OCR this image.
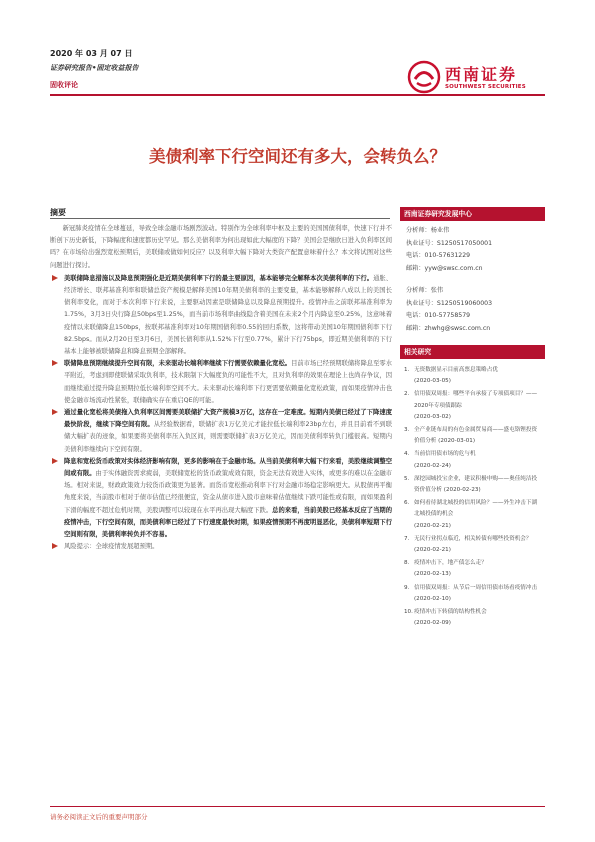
2020 年 03 月 07 日
证券研究报告•固定收益报告
固收评论
西南证券
SOUTHWEST SECURITIES
美债利率下行空间还有多大，会转负么？
摘要

新冠肺炎疫情在全球蔓延，导致全球金融市场剧烈波动。特别作为全球利率中枢及主要的美国国债利率，快速下行并不断创下历史新低，下降幅度和速度都历史罕见。那么美债利率为何出现如此大幅度的下降？美国会是继欧日进入负利率区间吗？在市场给出强烈宽松预期后，美联储或做如何反应？以及利率大幅下降对大类资产配置意味着什么？本文将试图对这些问题进行探讨。

美联储降息措施以及降息预期强化是近期美债利率下行的最主要原因，基本能够完全解释本次美债利率的下行。通胀、经济增长、联邦基准利率和联储总资产规模是解释美国10年期美债利率的主要变量，基本能够解释八成以上的美国长债利率变化，而对于本次利率下行来说，主要驱动因素是联储降息以及降息预期提升。疫情冲击之前联邦基准利率为1.75%，3月3日央行降息50bps至1.25%，而当前市场利率曲线隐含着美国在未来2个月内降息至0.25%，这意味着疫情以来联储降息150bps，按联邦基准利率对10年期国债利率0.55的回归系数，这将带动美国10年期国债利率下行82.5bps。而从2月20日至3月6日，美国长债利率从1.52%下行至0.77%，累计下行75bps，即近期美债利率的下行基本上能够被联储降息和降息预期全部解释。
联储降息预期继续提升空间有限，未来驱动长端利率继续下行需要依赖量化宽松。目前市场已经预期联储将降息至零水平附近，考虑到即使联储采取负利率，技术限制下大幅度负的可能性不大，且对负利率的效果在理论上也尚存争议，因而继续通过提升降息预期拉低长端利率空间不大。未来驱动长端利率下行更需要依赖量化宽松政策，而如果疫情冲击也使金融市场流动性紧张，联储确实存在重启QE的可能。
通过量化宽松将美债拖入负利率区间需要美联储扩大资产规模3万亿，这存在一定难度。短期内美债已经过了下降速度最快阶段，继续下降空间有限。从经验数据看，联储扩表1万亿美元才能拉低长端利率23bp左右，并且目前看不到联储大幅扩表的迹象，如果要将美债利率压入负区间，则需要联储扩表3万亿美元，因而美债利率转负门槛很高。短期内美债利率继续向下空间有限。
降息和宽松货币政策对实体经济影响有限，更多的影响在于金融市场。从当前美债利率大幅下行来看，美股继续调整空间或有限。由于实体融资需求疲弱，美联储宽松的货币政策成效有限，资金无法有效进入实体，或更多的难以在金融市场。相对来说，财政政策效力较货币政策更为显著。而货币宽松推动利率下行对金融市场稳定影响更大。从股债再平衡角度来说，当前股市相对于债市估值已经很便宜，资金从债市进入股市意味着估值继续下跌可能性或有限，而如果盈利下滑的幅度不超过危机时期，美股调整可以较现在水平再出现大幅度下跌。总的来看，当前美股已经基本反应了当期的疫情冲击，下行空间有限，而美债利率已经过了下行速度最快时期，如果疫情预期不再度明显恶化，美债利率短期下行空间则有限，美债利率转负并不容易。
风险提示：全球疫情发展超预期。
西南证券研究发展中心
分析师：杨业伟
执业证号：S1250517050001
电话：010-57631229
邮箱：yyw@swsc.com.cn
分析师：张伟
执业证号：S1250519060003
电话：010-57758579
邮箱：zhwhg@swsc.com.cn
相关研究
1. 无资数据显示目前高票息策略占优
(2020-03-05)
2. 信用债双周报：哪些平台承接了专项债项目？——2020年专项债跟踪
(2020-03-02)
3. 全产业链布局的有色金属贸易商——盛屯铬锂投资价值分析 (2020-03-01)
4. 当前信用债市场的危与机
(2020-02-24)
5. 深挖园城投宝企业，建议积极申购——奥佳纯洁投资价值分析 (2020-02-23)
6. 如何看待湖北城投的信用风险？——外生冲击下湖北城投债的机会
(2020-02-21)
7. 无民行业拐点临近，相关转债有哪些投资机会？ (2020-02-21)
8. 疫情冲击下，地产债怎么走？
(2020-02-13)
9. 信用债双周报：从节后一周信用债市场看疫情冲击 (2020-02-10)
10. 疫情冲击下转债的结构性机会
(2020-02-09)
请务必阅读正文后的重要声明部分
